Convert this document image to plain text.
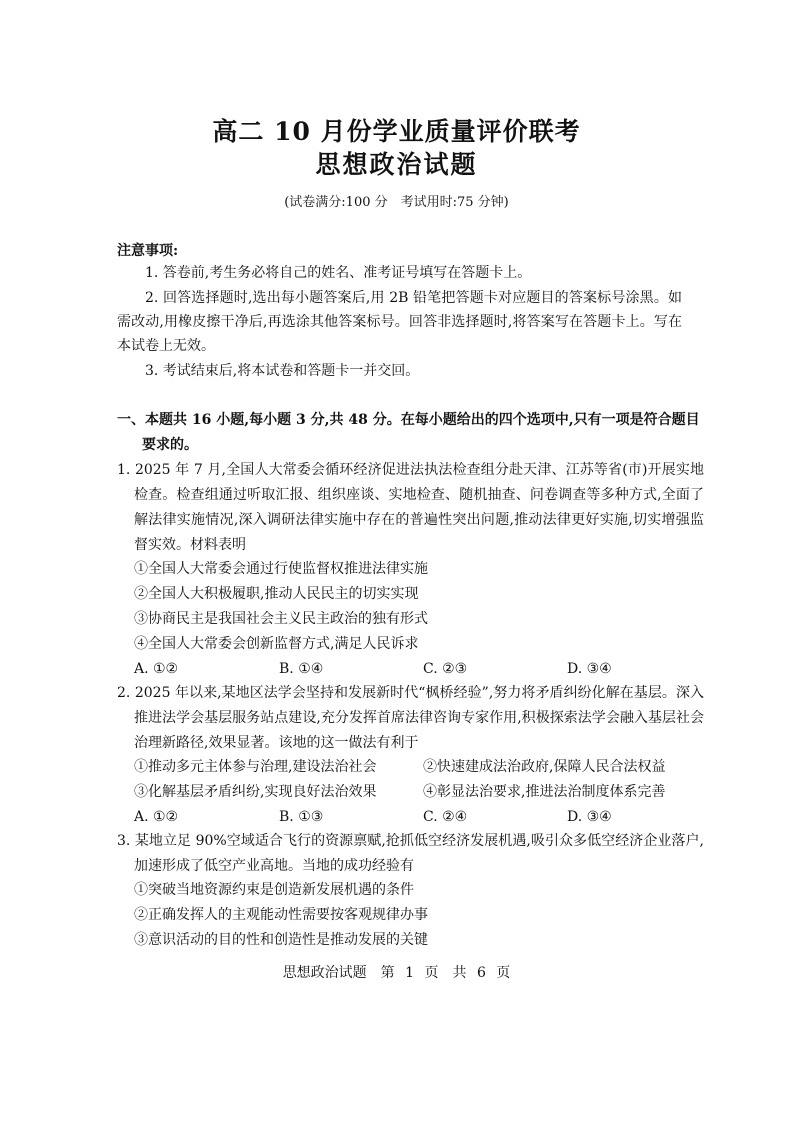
高二 10 月份学业质量评价联考
思想政治试题
(试卷满分:100 分　考试用时:75 分钟)
注意事项:
1. 答卷前,考生务必将自己的姓名、准考证号填写在答题卡上。
2. 回答选择题时,选出每小题答案后,用 2B 铅笔把答题卡对应题目的答案标号涂黑。如需改动,用橡皮擦干净后,再选涂其他答案标号。回答非选择题时,将答案写在答题卡上。写在本试卷上无效。
3. 考试结束后,将本试卷和答题卡一并交回。
一、本题共 16 小题,每小题 3 分,共 48 分。在每小题给出的四个选项中,只有一项是符合题目要求的。
1. 2025 年 7 月,全国人大常委会循环经济促进法执法检查组分赴天津、江苏等省(市)开展实地检查。检查组通过听取汇报、组织座谈、实地检查、随机抽查、问卷调查等多种方式,全面了解法律实施情况,深入调研法律实施中存在的普遍性突出问题,推动法律更好实施,切实增强监督实效。材料表明
①全国人大常委会通过行使监督权推进法律实施
②全国人大积极履职,推动人民民主的切实实现
③协商民主是我国社会主义民主政治的独有形式
④全国人大常委会创新监督方式,满足人民诉求
A. ①②	B. ①④	C. ②③	D. ③④
2. 2025 年以来,某地区法学会坚持和发展新时代“枫桥经验”,努力将矛盾纠纷化解在基层。深入推进法学会基层服务站点建设,充分发挥首席法律咨询专家作用,积极探索法学会融入基层社会治理新路径,效果显著。该地的这一做法有利于
①推动多元主体参与治理,建设法治社会	②快速建成法治政府,保障人民合法权益
③化解基层矛盾纠纷,实现良好法治效果	④彰显法治要求,推进法治制度体系完善
A. ①②	B. ①③	C. ②④	D. ③④
3. 某地立足 90%空域适合飞行的资源禀赋,抢抓低空经济发展机遇,吸引众多低空经济企业落户,加速形成了低空产业高地。当地的成功经验有
①突破当地资源约束是创造新发展机遇的条件
②正确发挥人的主观能动性需要按客观规律办事
③意识活动的目的性和创造性是推动发展的关键
思想政治试题　第 1 页　共 6 页
